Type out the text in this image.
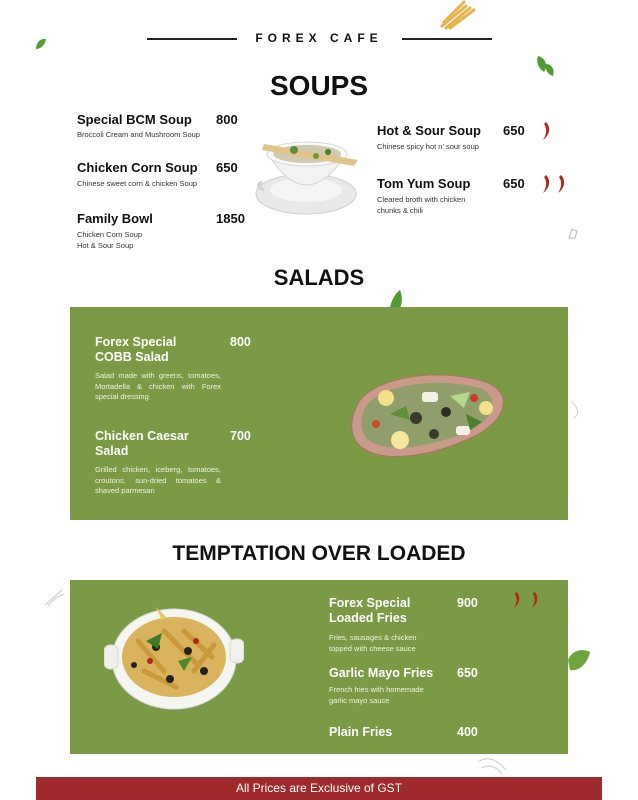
FOREX CAFE
SOUPS
Special BCM Soup 800
Broccoli Cream and Mushroom Soup
Chicken Corn Soup 650
Chinese sweet corn & chicken Soup
Family Bowl	1850
Chicken Corn Soup Hot & Sour Soup
Hot & Sour Soup 650
Chinese spicy hot n' sour soup
Tom Yum Soup	650
Cleared broth with chicken chunks & chili
SALADS
Forex Special COBB Salad
800
Salad made with greens, tomatoes, Mortadella & chicken with Forex special dressing
Chicken Caesar Salad
700
Grilled chicken, iceberg, tomatoes, croutons, sun-dried tomatoes & shaved parmesan
TEMPTATION OVER LOADED
Forex Special Loaded Fries
900
Fries, sausages & chicken topped with cheese sauce
Garlic Mayo Fries 650
French fries with homemade garlic mayo sauce
Plain Fries	400
All Prices are Exclusive of GST
